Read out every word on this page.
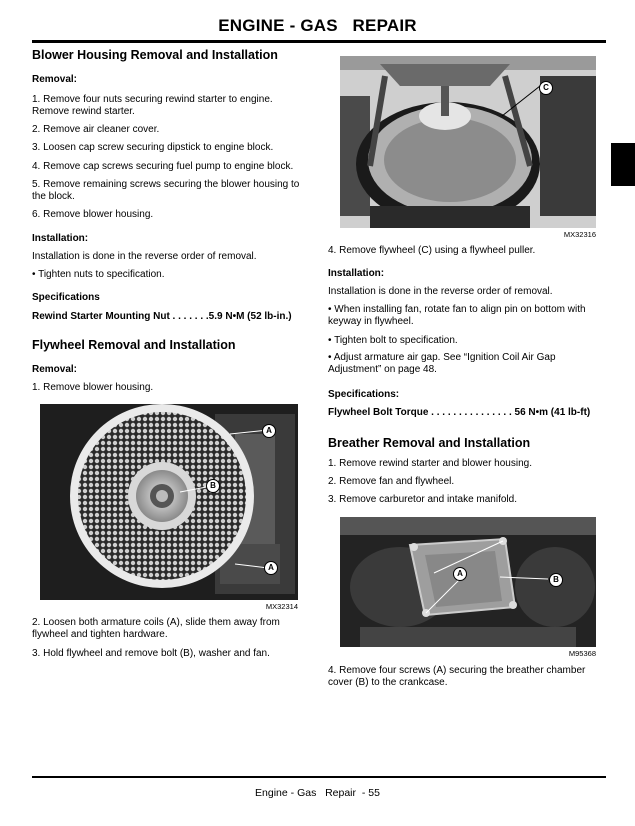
ENGINE - GAS   REPAIR
Blower Housing Removal and Installation
Removal:
1. Remove four nuts securing rewind starter to engine. Remove rewind starter.
2. Remove air cleaner cover.
3. Loosen cap screw securing dipstick to engine block.
4. Remove cap screws securing fuel pump to engine block.
5. Remove remaining screws securing the blower housing to the block.
6. Remove blower housing.
Installation:
Installation is done in the reverse order of removal.
• Tighten nuts to specification.
Specifications
Rewind Starter Mounting Nut . . . . . . .5.9 N•M (52 lb-in.)
Flywheel Removal and Installation
Removal:
1. Remove blower housing.
A
B
A
MX32314
2. Loosen both armature coils (A), slide them away from flywheel and tighten hardware.
3. Hold flywheel and remove bolt (B), washer and fan.
C
MX32316
4. Remove flywheel (C) using a flywheel puller.
Installation:
Installation is done in the reverse order of removal.
• When installing fan, rotate fan to align pin on bottom with keyway in flywheel.
• Tighten bolt to specification.
• Adjust armature air gap. See “Ignition Coil Air Gap Adjustment” on page 48.
Specifications:
Flywheel Bolt Torque . . . . . . . . . . . . . . . 56 N•m (41 lb-ft)
Breather Removal and Installation
1. Remove rewind starter and blower housing.
2. Remove fan and flywheel.
3. Remove carburetor and intake manifold.
A
B
M95368
4. Remove four screws (A) securing the breather chamber cover (B) to the crankcase.
Engine - Gas   Repair  - 55
